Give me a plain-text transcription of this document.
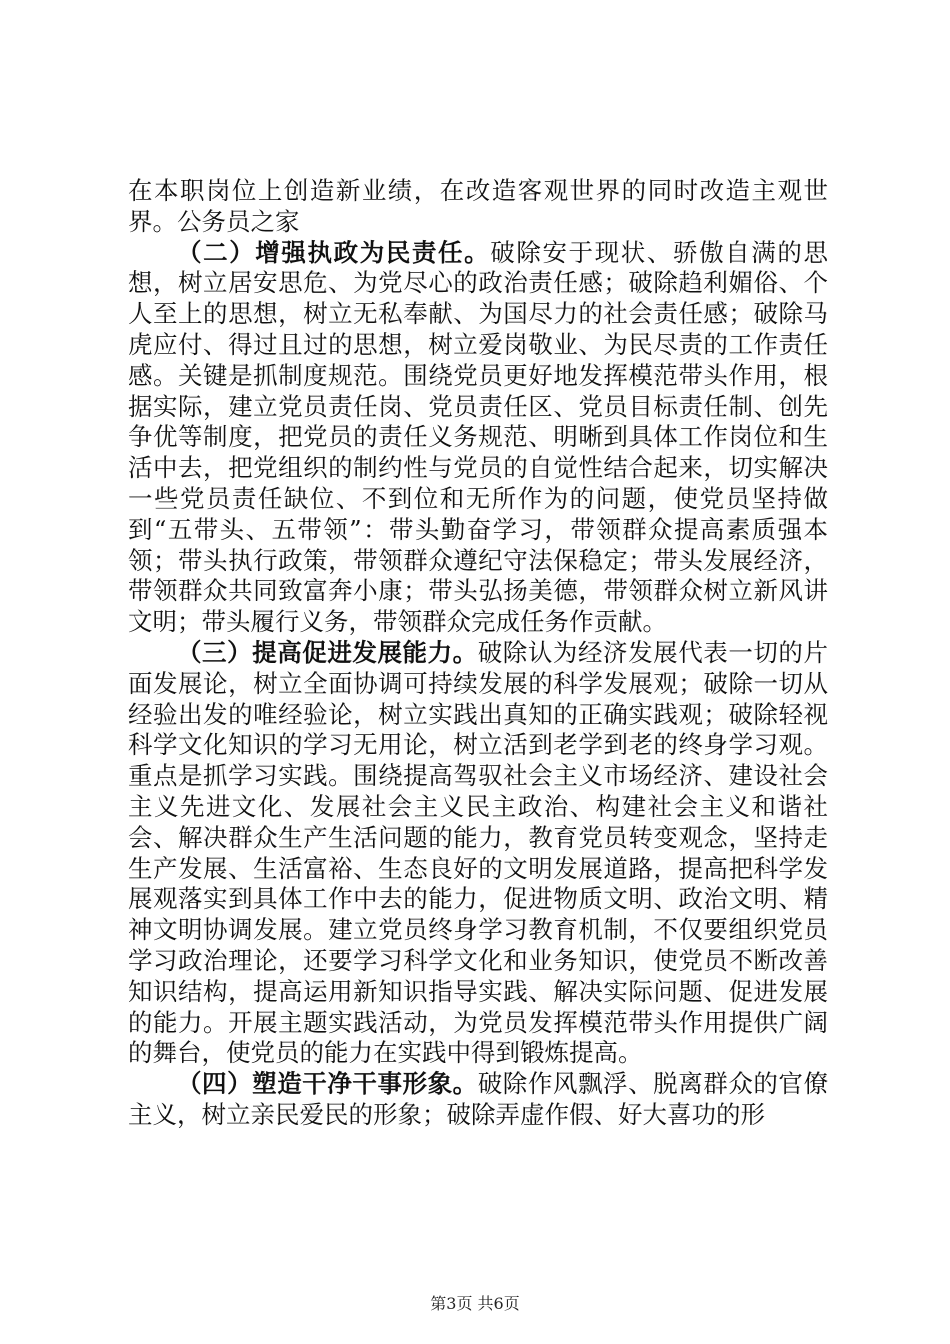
在本职岗位上创造新业绩，在改造客观世界的同时改造主观世界。公务员之家

（二）增强执政为民责任。破除安于现状、骄傲自满的思想，树立居安思危、为党尽心的政治责任感；破除趋利媚俗、个人至上的思想，树立无私奉献、为国尽力的社会责任感；破除马虎应付、得过且过的思想，树立爱岗敬业、为民尽责的工作责任感。关键是抓制度规范。围绕党员更好地发挥模范带头作用，根据实际，建立党员责任岗、党员责任区、党员目标责任制、创先争优等制度，把党员的责任义务规范、明晰到具体工作岗位和生活中去，把党组织的制约性与党员的自觉性结合起来，切实解决一些党员责任缺位、不到位和无所作为的问题，使党员坚持做到“五带头、五带领”：带头勤奋学习，带领群众提高素质强本领；带头执行政策，带领群众遵纪守法保稳定；带头发展经济，带领群众共同致富奔小康；带头弘扬美德，带领群众树立新风讲文明；带头履行义务，带领群众完成任务作贡献。

（三）提高促进发展能力。破除认为经济发展代表一切的片面发展论，树立全面协调可持续发展的科学发展观；破除一切从经验出发的唯经验论，树立实践出真知的正确实践观；破除轻视科学文化知识的学习无用论，树立活到老学到老的终身学习观。重点是抓学习实践。围绕提高驾驭社会主义市场经济、建设社会主义先进文化、发展社会主义民主政治、构建社会主义和谐社会、解决群众生产生活问题的能力，教育党员转变观念，坚持走生产发展、生活富裕、生态良好的文明发展道路，提高把科学发展观落实到具体工作中去的能力，促进物质文明、政治文明、精神文明协调发展。建立党员终身学习教育机制，不仅要组织党员学习政治理论，还要学习科学文化和业务知识，使党员不断改善知识结构，提高运用新知识指导实践、解决实际问题、促进发展的能力。开展主题实践活动，为党员发挥模范带头作用提供广阔的舞台，使党员的能力在实践中得到锻炼提高。

（四）塑造干净干事形象。破除作风飘浮、脱离群众的官僚主义，树立亲民爱民的形象；破除弄虚作假、好大喜功的形

第3页 共6页
